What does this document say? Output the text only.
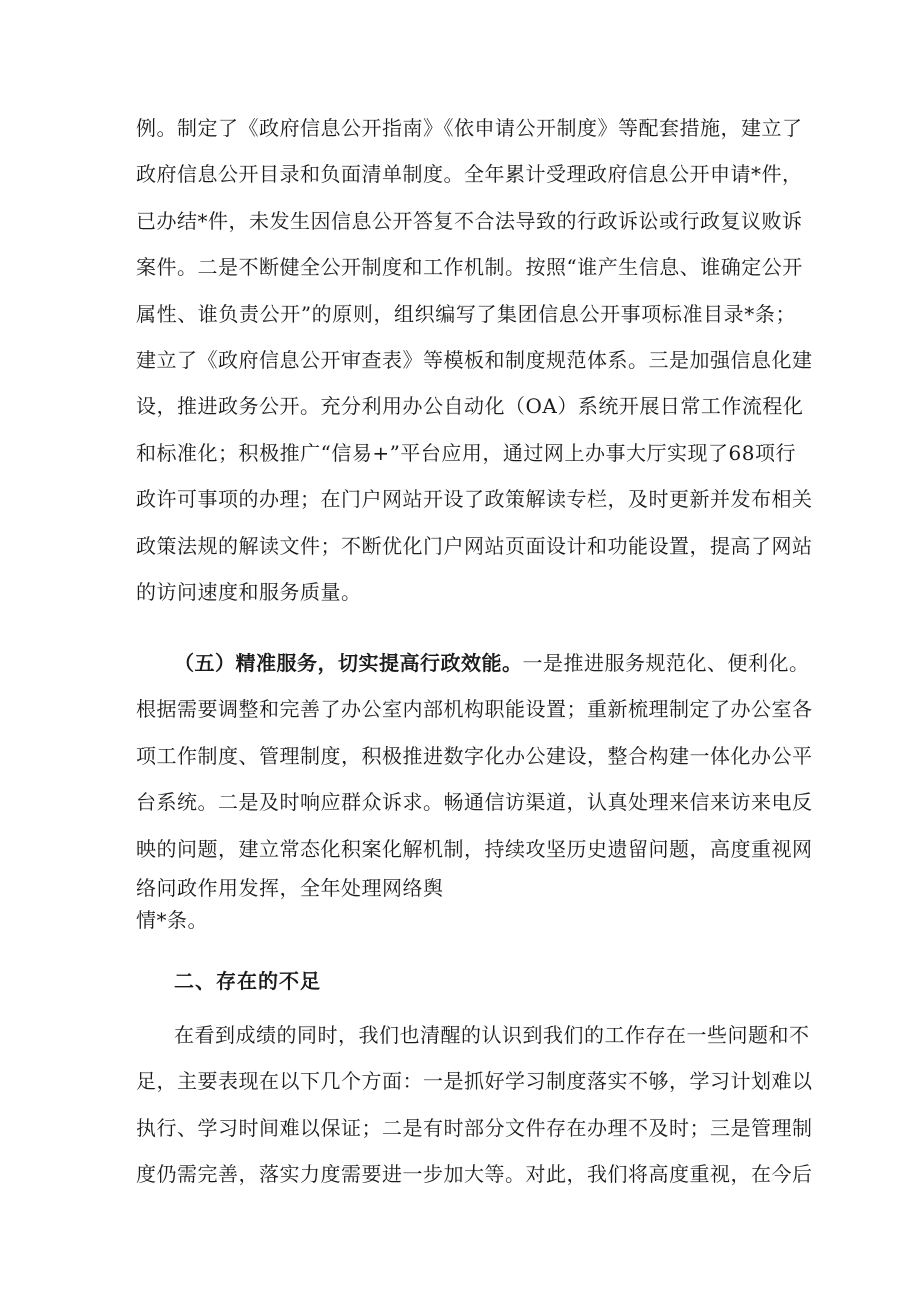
例。制定了《政府信息公开指南》《依申请公开制度》等配套措施，建立了
政府信息公开目录和负面清单制度。全年累计受理政府信息公开申请*件，
已办结*件，未发生因信息公开答复不合法导致的行政诉讼或行政复议败诉
案件。二是不断健全公开制度和工作机制。按照“谁产生信息、谁确定公开
属性、谁负责公开”的原则，组织编写了集团信息公开事项标准目录*条；
建立了《政府信息公开审查表》等模板和制度规范体系。三是加强信息化建
设，推进政务公开。充分利用办公自动化（OA）系统开展日常工作流程化
和标准化；积极推广“信易+”平台应用，通过网上办事大厅实现了68项行
政许可事项的办理；在门户网站开设了政策解读专栏，及时更新并发布相关
政策法规的解读文件；不断优化门户网站页面设计和功能设置，提高了网站
的访问速度和服务质量。
（五）精准服务，切实提高行政效能。一是推进服务规范化、便利化。
根据需要调整和完善了办公室内部机构职能设置；重新梳理制定了办公室各
项工作制度、管理制度，积极推进数字化办公建设，整合构建一体化办公平
台系统。二是及时响应群众诉求。畅通信访渠道，认真处理来信来访来电反
映的问题，建立常态化积案化解机制，持续攻坚历史遗留问题，高度重视网
络问政作用发挥，全年处理网络舆
情*条。
二、存在的不足
在看到成绩的同时，我们也清醒的认识到我们的工作存在一些问题和不
足，主要表现在以下几个方面：一是抓好学习制度落实不够，学习计划难以
执行、学习时间难以保证；二是有时部分文件存在办理不及时；三是管理制
度仍需完善，落实力度需要进一步加大等。对此，我们将高度重视，在今后
